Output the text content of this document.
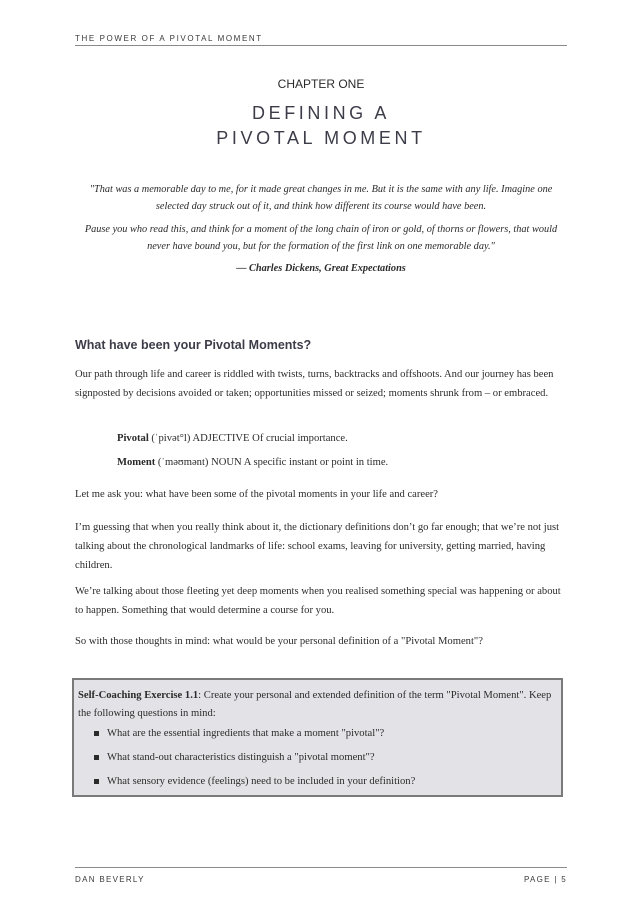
THE POWER OF A PIVOTAL MOMENT
CHAPTER ONE
DEFINING A
PIVOTAL MOMENT

"That was a memorable day to me, for it made great changes in me. But it is the same with any life. Imagine one selected day struck out of it, and think how different its course would have been.

Pause you who read this, and think for a moment of the long chain of iron or gold, of thorns or flowers, that would never have bound you, but for the formation of the first link on one memorable day."

— Charles Dickens, Great Expectations

What have been your Pivotal Moments?

Our path through life and career is riddled with twists, turns, backtracks and offshoots. And our journey has been signposted by decisions avoided or taken; opportunities missed or seized; moments shrunk from – or embraced.

Pivotal (ˈpivət°l) ADJECTIVE Of crucial importance.
Moment (ˈməʊmənt) NOUN A specific instant or point in time.

Let me ask you: what have been some of the pivotal moments in your life and career?

I’m guessing that when you really think about it, the dictionary definitions don’t go far enough; that we’re not just talking about the chronological landmarks of life: school exams, leaving for university, getting married, having children.

We’re talking about those fleeting yet deep moments when you realised something special was happening or about to happen. Something that would determine a course for you.

So with those thoughts in mind: what would be your personal definition of a "Pivotal Moment"?

Self-Coaching Exercise 1.1: Create your personal and extended definition of the term "Pivotal Moment". Keep the following questions in mind:

What are the essential ingredients that make a moment "pivotal"?
What stand-out characteristics distinguish a "pivotal moment"?
What sensory evidence (feelings) need to be included in your definition?
DAN BEVERLY	PAGE | 5
